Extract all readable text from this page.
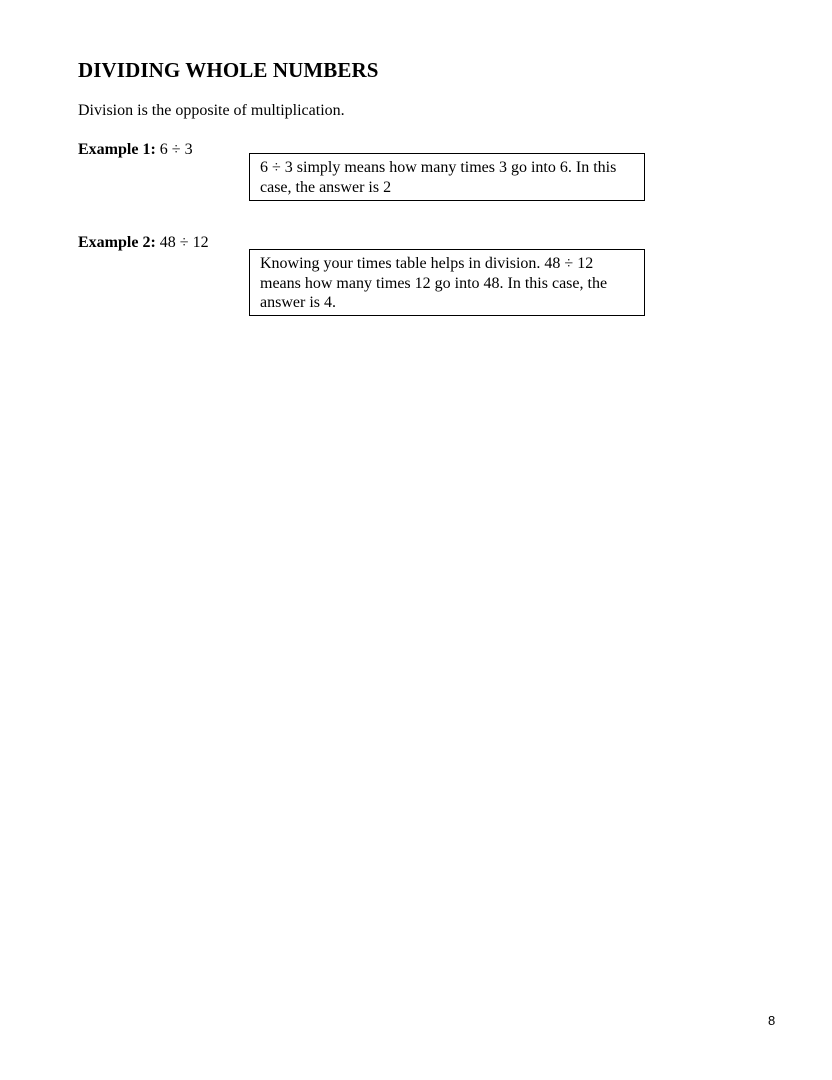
DIVIDING WHOLE NUMBERS
Division is the opposite of multiplication.
Example 1: 6 ÷ 3
6 ÷ 3 simply means how many times 3 go into 6. In this case, the answer is 2
Example 2: 48 ÷ 12
Knowing your times table helps in division. 48 ÷ 12 means how many times 12 go into 48. In this case, the answer is 4.
8
